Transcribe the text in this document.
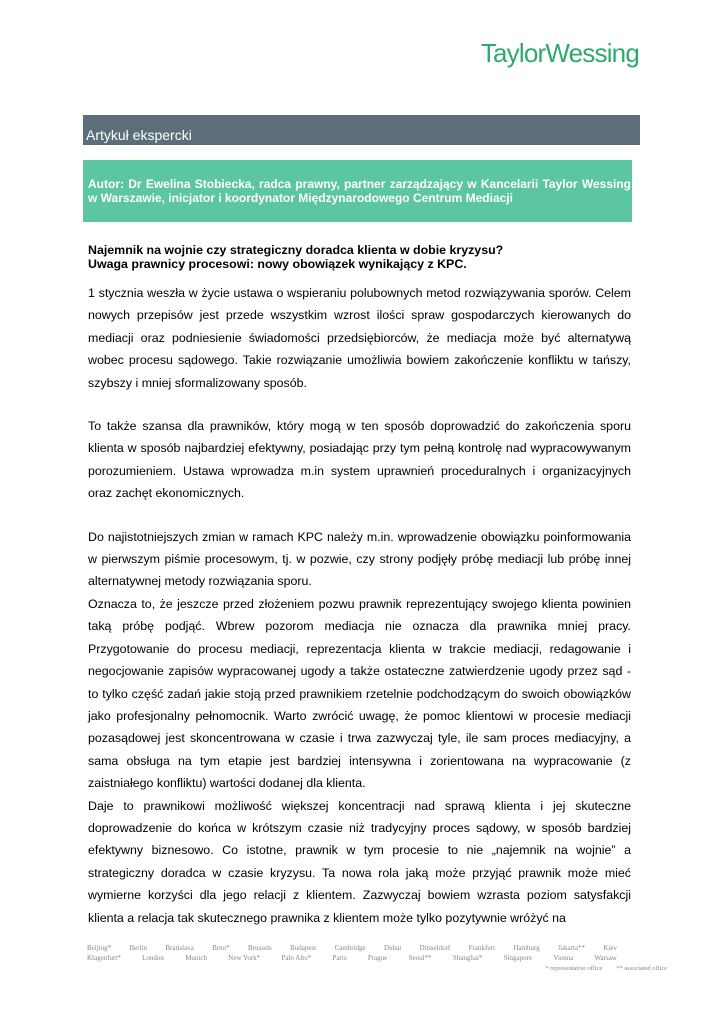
TaylorWessing
Artykuł ekspercki
Autor: Dr Ewelina Stobiecka, radca prawny, partner zarządzający w Kancelarii Taylor Wessing w Warszawie, inicjator i koordynator Międzynarodowego Centrum Mediacji
Najemnik na wojnie czy strategiczny doradca klienta w dobie kryzysu?
Uwaga prawnicy procesowi: nowy obowiązek wynikający z KPC.

1 stycznia weszła w życie ustawa o wspieraniu polubownych metod rozwiązywania sporów. Celem nowych przepisów jest przede wszystkim wzrost ilości spraw gospodarczych kierowanych do mediacji oraz podniesienie świadomości przedsiębiorców, że mediacja może być alternatywą wobec procesu sądowego. Takie rozwiązanie umożliwia bowiem zakończenie konfliktu w tańszy, szybszy i mniej sformalizowany sposób.

To także szansa dla prawników, który mogą w ten sposób doprowadzić do zakończenia sporu klienta w sposób najbardziej efektywny, posiadając przy tym pełną kontrolę nad wypracowywanym porozumieniem. Ustawa wprowadza m.in system uprawnień proceduralnych i organizacyjnych oraz zachęt ekonomicznych.

Do najistotniejszych zmian w ramach KPC należy m.in. wprowadzenie obowiązku poinformowania w pierwszym piśmie procesowym, tj. w pozwie, czy strony podjęły próbę mediacji lub próbę innej alternatywnej metody rozwiązania sporu.

Oznacza to, że jeszcze przed złożeniem pozwu prawnik reprezentujący swojego klienta powinien taką próbę podjąć. Wbrew pozorom mediacja nie oznacza dla prawnika mniej pracy. Przygotowanie do procesu mediacji, reprezentacja klienta w trakcie mediacji, redagowanie i negocjowanie zapisów wypracowanej ugody a także ostateczne zatwierdzenie ugody przez sąd - to tylko część zadań jakie stoją przed prawnikiem rzetelnie podchodzącym do swoich obowiązków jako profesjonalny pełnomocnik. Warto zwrócić uwagę, że pomoc klientowi w procesie mediacji pozasądowej jest skoncentrowana w czasie i trwa zazwyczaj tyle, ile sam proces mediacyjny, a sama obsługa na tym etapie jest bardziej intensywna i zorientowana na wypracowanie (z zaistniałego konfliktu) wartości dodanej dla klienta.

Daje to prawnikowi możliwość większej koncentracji nad sprawą klienta i jej skuteczne doprowadzenie do końca w krótszym czasie niż tradycyjny proces sądowy, w sposób bardziej efektywny biznesowo. Co istotne, prawnik w tym procesie to nie „najemnik na wojnie” a strategiczny doradca w czasie kryzysu. Ta nowa rola jaką może przyjąć prawnik może mieć wymierne korzyści dla jego relacji z klientem. Zazwyczaj bowiem wzrasta poziom satysfakcji klienta a relacja tak skutecznego prawnika z klientem może tylko pozytywnie wróżyć na

Beijing*	Berlin	Bratislava	Brno*	Brussels	Budapest	Cambridge	Dubai	Düsseldorf	Frankfurt	Hamburg	Jakarta**	Kiev
Klagenfurt*	London	Munich	New York*	Palo Alto*	Paris	Prague	Seoul**	Shanghai*	Singapore	Vienna	Warsaw
* representative office ** associated office
